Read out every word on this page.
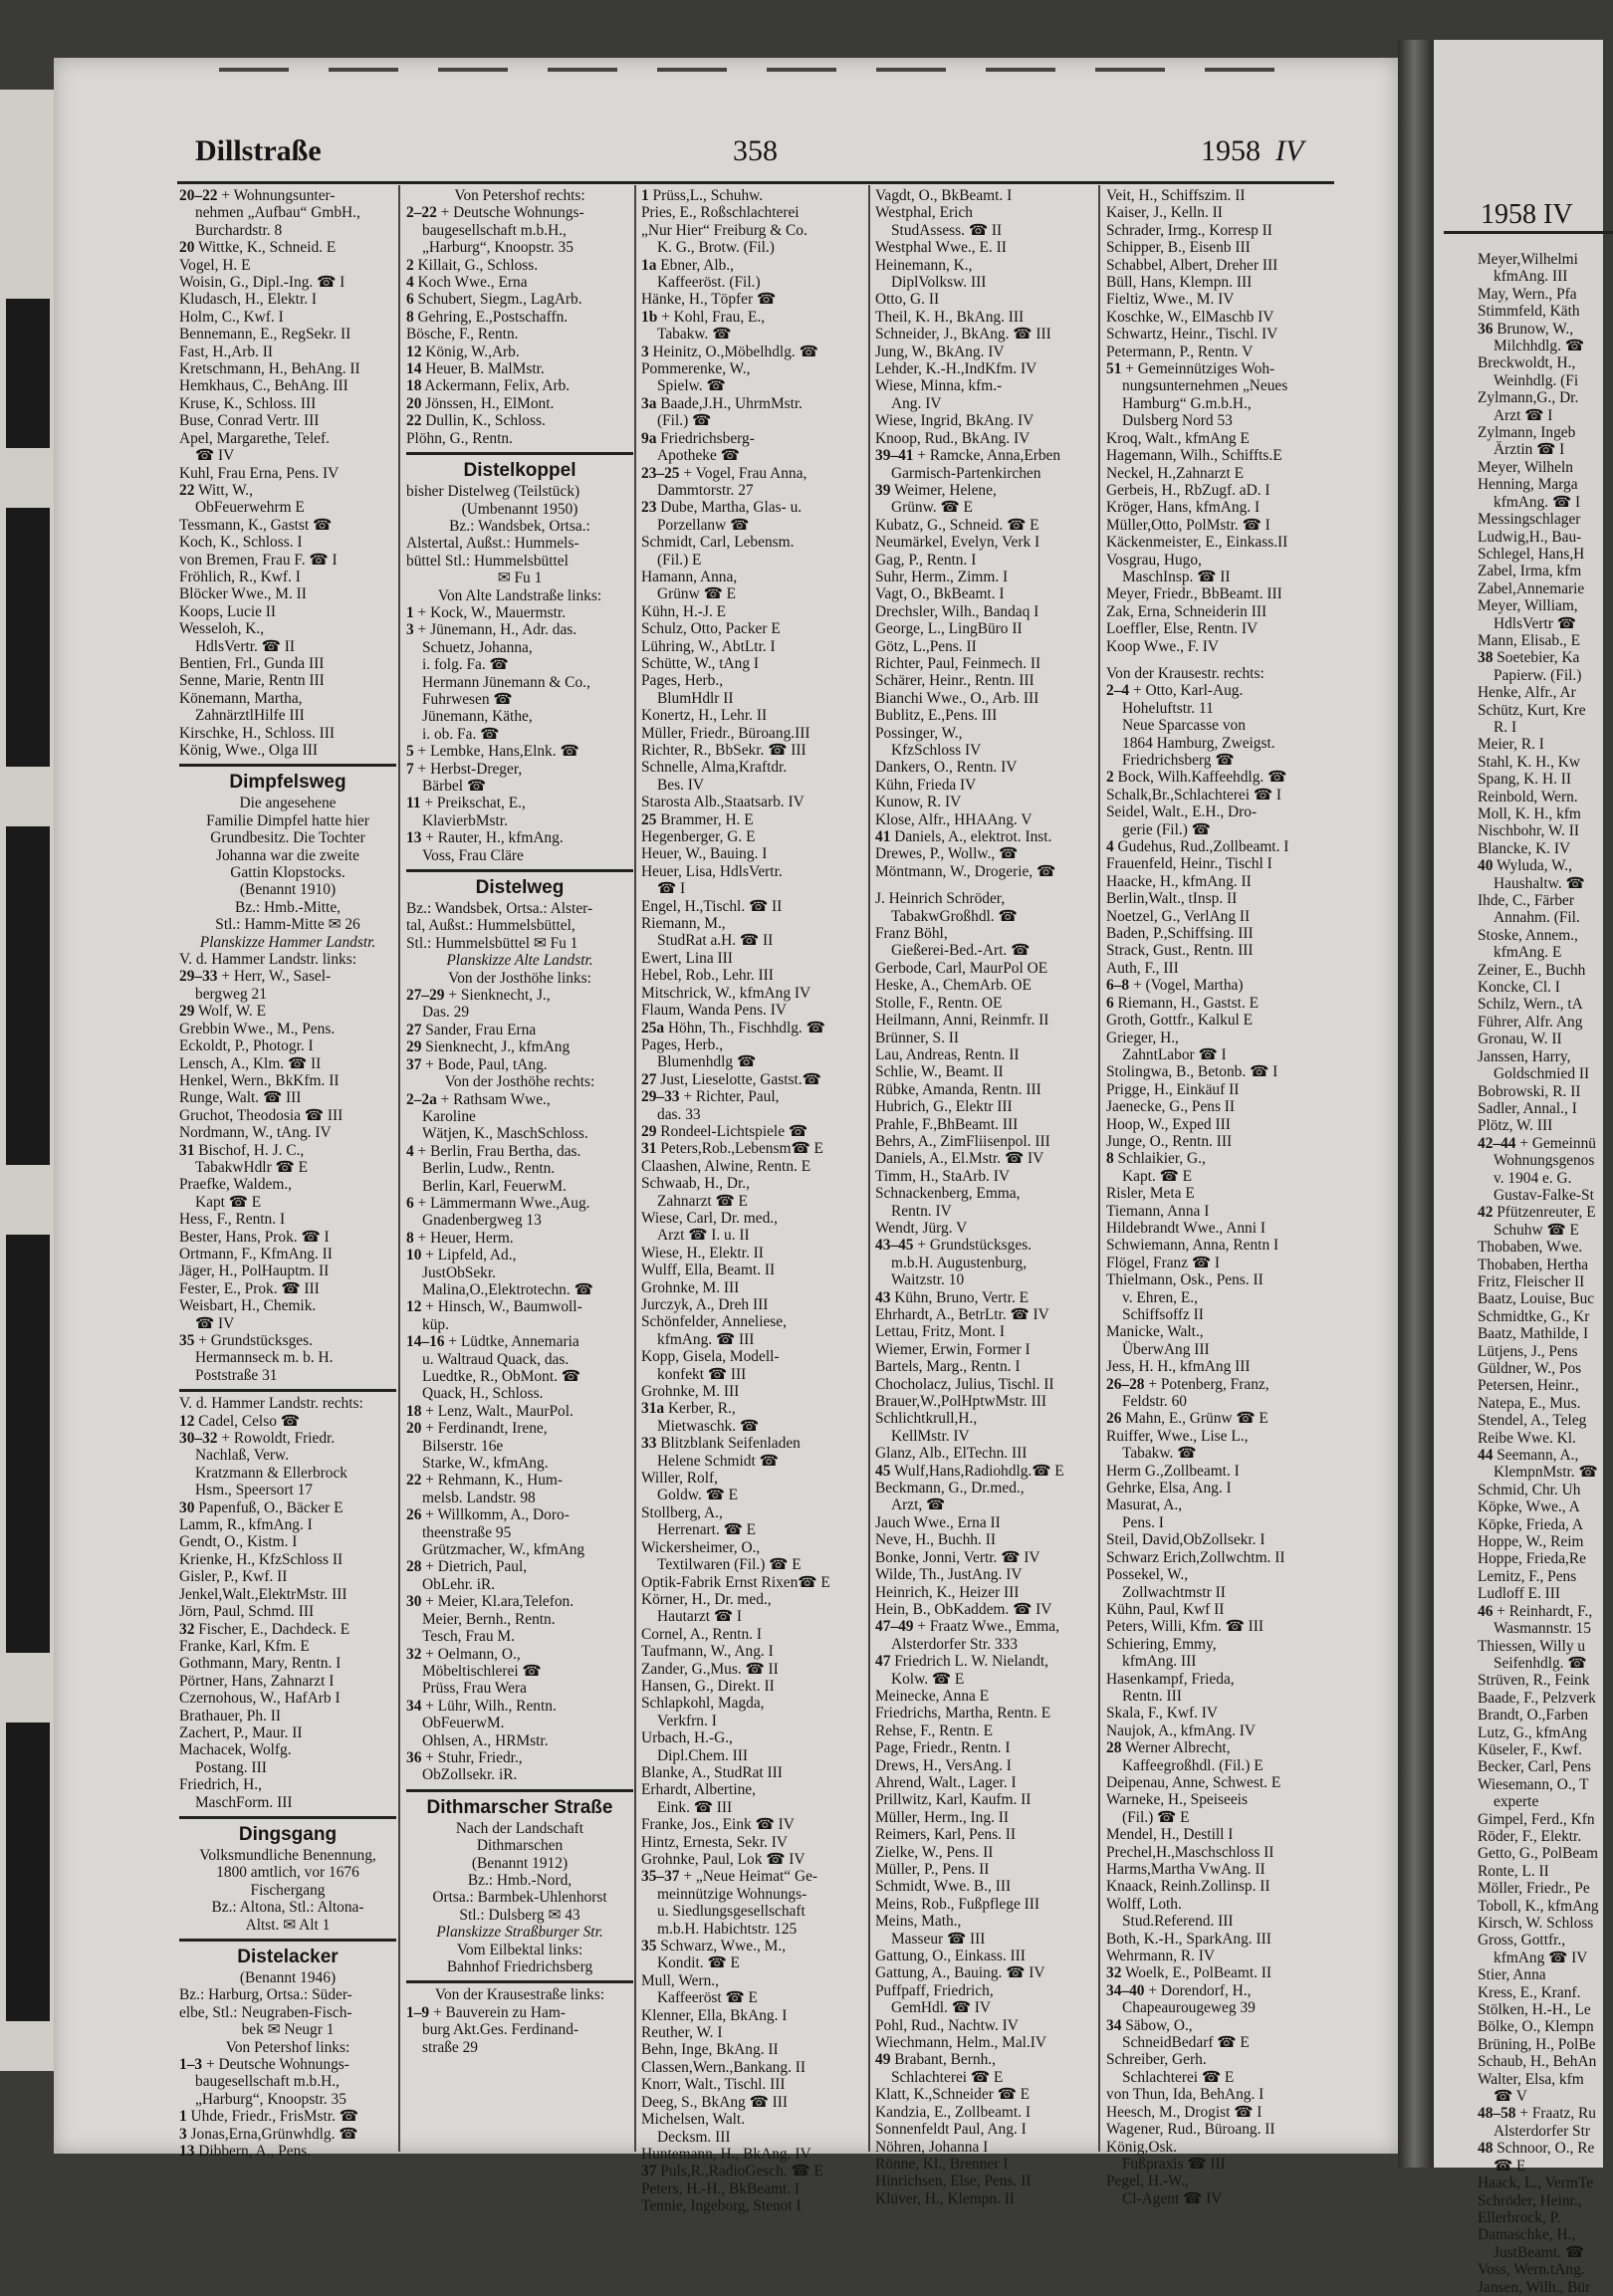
1958 IV
Meyer,Wilhelmi
kfmAng. III
May, Wern., Pfa
Stimmfeld, Käth
36 Brunow, W.,
Milchhdlg. ☎
Breckwoldt, H.,
Weinhdlg. (Fi
Zylmann,G., Dr.
Arzt ☎ I
Zylmann, Ingeb
Ärztin ☎ I
Meyer, Wilheln
Henning, Marga
kfmAng. ☎ I
Messingschlager
Ludwig,H., Bau-
Schlegel, Hans,H
Zabel, Irma, kfm
Zabel,Annemarie
Meyer, William,
HdlsVertr ☎
Mann, Elisab., E
38 Soetebier, Ka
Papierw. (Fil.)
Henke, Alfr., Ar
Schütz, Kurt, Kre
R. I
Meier, R. I
Stahl, K. H., Kw
Spang, K. H. II
Reinbold, Wern.
Moll, K. H., kfm
Nischbohr, W. II
Blancke, K. IV
40 Wyluda, W.,
Haushaltw. ☎
Ihde, C., Färber
Annahm. (Fil.
Stoske, Annem.,
kfmAng. E
Zeiner, E., Buchh
Koncke, Cl. I
Schilz, Wern., tA
Führer, Alfr. Ang
Gronau, W. II
Janssen, Harry,
Goldschmied II
Bobrowski, R. II
Sadler, Annal., I
Plötz, W. III
42–44 + Gemeinnü
Wohnungsgenos
v. 1904 e. G.
Gustav-Falke-St
42 Pfützenreuter, E
Schuhw ☎ E
Thobaben, Wwe.
Thobaben, Hertha
Fritz, Fleischer II
Baatz, Louise, Buc
Schmidtke, G., Kr
Baatz, Mathilde, I
Lütjens, J., Pens
Güldner, W., Pos
Petersen, Heinr.,
Natepa, E., Mus.
Stendel, A., Teleg
Reibe Wwe. Kl.
44 Seemann, A.,
KlempnMstr. ☎
Schmid, Chr. Uh
Köpke, Wwe., A
Köpke, Frieda, A
Hoppe, W., Reim
Hoppe, Frieda,Re
Lemitz, F., Pens
Ludloff E. III
46 + Reinhardt, F.,
Wasmannstr. 15
Thiessen, Willy u
Seifenhdlg. ☎
Strüven, R., Feink
Baade, F., Pelzverk
Brandt, O.,Farben
Lutz, G., kfmAng
Küseler, F., Kwf.
Becker, Carl, Pens
Wiesemann, O., T
experte
Gimpel, Ferd., Kfn
Röder, F., Elektr.
Getto, G., PolBeam
Ronte, L. II
Möller, Friedr., Pe
Toboll, K., kfmAng
Kirsch, W. Schloss
Gross, Gottfr.,
kfmAng ☎ IV
Stier, Anna
Kress, E., Kranf.
Stölken, H.-H., Le
Bölke, O., Klempn
Brüning, H., PolBe
Schaub, H., BehAn
Walter, Elsa, kfm
☎ V
48–58 + Fraatz, Ru
Alsterdorfer Str
48 Schnoor, O., Re
☎ E
Haack, L., VermTe
Schröder, Heinr.,
Ellerbrock, P.
Damaschke, H.,
JustBeamt. ☎
Voss, Wern.tAng.
Jansen, Wilh., Bür
Dillstraße	358	1958 IV
20–22 + Wohnungsunter-
nehmen „Aufbau“ GmbH.,
Burchardstr. 8
20 Wittke, K., Schneid. E
Vogel, H. E
Woisin, G., Dipl.-Ing. ☎ I
Kludasch, H., Elektr. I
Holm, C., Kwf. I
Bennemann, E., RegSekr. II
Fast, H.,Arb. II
Kretschmann, H., BehAng. II
Hemkhaus, C., BehAng. III
Kruse, K., Schloss. III
Buse, Conrad Vertr. III
Apel, Margarethe, Telef.
☎ IV
Kuhl, Frau Erna, Pens. IV
22 Witt, W.,
ObFeuerwehrm E
Tessmann, K., Gastst ☎
Koch, K., Schloss. I
von Bremen, Frau F. ☎ I
Fröhlich, R., Kwf. I
Blöcker Wwe., M. II
Koops, Lucie II
Wesseloh, K.,
HdlsVertr. ☎ II
Bentien, Frl., Gunda III
Senne, Marie, Rentn III
Könemann, Martha,
ZahnärztlHilfe III
Kirschke, H., Schloss. III
König, Wwe., Olga III
Dimpfelsweg
Die angesehene
Familie Dimpfel hatte hier
Grundbesitz. Die Tochter
Johanna war die zweite
Gattin Klopstocks.
(Benannt 1910)
Bz.: Hmb.-Mitte,
Stl.: Hamm-Mitte ✉ 26
Planskizze Hammer Landstr.
V. d. Hammer Landstr. links:
29–33 + Herr, W., Sasel-
bergweg 21
29 Wolf, W. E
Grebbin Wwe., M., Pens.
Eckoldt, P., Photogr. I
Lensch, A., Klm. ☎ II
Henkel, Wern., BkKfm. II
Runge, Walt. ☎ III
Gruchot, Theodosia ☎ III
Nordmann, W., tAng. IV
31 Bischof, H. J. C.,
TabakwHdlr ☎ E
Praefke, Waldem.,
Kapt ☎ E
Hess, F., Rentn. I
Bester, Hans, Prok. ☎ I
Ortmann, F., KfmAng. II
Jäger, H., PolHauptm. II
Fester, E., Prok. ☎ III
Weisbart, H., Chemik.
☎ IV
35 + Grundstücksges.
Hermannseck m. b. H.
Poststraße 31
V. d. Hammer Landstr. rechts:
12 Cadel, Celso ☎
30–32 + Rowoldt, Friedr.
Nachlaß, Verw.
Kratzmann & Ellerbrock
Hsm., Speersort 17
30 Papenfuß, O., Bäcker E
Lamm, R., kfmAng. I
Gendt, O., Kistm. I
Krienke, H., KfzSchloss II
Gisler, P., Kwf. II
Jenkel,Walt.,ElektrMstr. III
Jörn, Paul, Schmd. III
32 Fischer, E., Dachdeck. E
Franke, Karl, Kfm. E
Gothmann, Mary, Rentn. I
Pörtner, Hans, Zahnarzt I
Czernohous, W., HafArb I
Brathauer, Ph. II
Zachert, P., Maur. II
Machacek, Wolfg.
Postang. III
Friedrich, H.,
MaschForm. III
Dingsgang
Volksmundliche Benennung,
1800 amtlich, vor 1676
Fischergang
Bz.: Altona, Stl.: Altona-
Altst. ✉ Alt 1
Distelacker
(Benannt 1946)
Bz.: Harburg, Ortsa.: Süder-
elbe, Stl.: Neugraben-Fisch-
bek ✉ Neugr 1
Von Petershof links:
1–3 + Deutsche Wohnungs-
baugesellschaft m.b.H.,
„Harburg“, Knoopstr. 35
1 Uhde, Friedr., FrisMstr. ☎
3 Jonas,Erna,Grünwhdlg. ☎
13 Dibbern, A., Pens.
Von Petershof rechts:
2–22 + Deutsche Wohnungs-
baugesellschaft m.b.H.,
„Harburg“, Knoopstr. 35
2 Killait, G., Schloss.
4 Koch Wwe., Erna
6 Schubert, Siegm., LagArb.
8 Gehring, E.,Postschaffn.
Bösche, F., Rentn.
12 König, W.,Arb.
14 Heuer, B. MalMstr.
18 Ackermann, Felix, Arb.
20 Jönssen, H., ElMont.
22 Dullin, K., Schloss.
Plöhn, G., Rentn.
Distelkoppel
bisher Distelweg (Teilstück)
(Umbenannt 1950)
Bz.: Wandsbek, Ortsa.:
Alstertal, Außst.: Hummels-
büttel Stl.: Hummelsbüttel
✉ Fu 1
Von Alte Landstraße links:
1 + Kock, W., Mauermstr.
3 + Jünemann, H., Adr. das.
Schuetz, Johanna,
i. folg. Fa. ☎
Hermann Jünemann & Co.,
Fuhrwesen ☎
Jünemann, Käthe,
i. ob. Fa. ☎
5 + Lembke, Hans,Elnk. ☎
7 + Herbst-Dreger,
Bärbel ☎
11 + Preikschat, E.,
KlavierbMstr.
13 + Rauter, H., kfmAng.
Voss, Frau Cläre
Distelweg
Bz.: Wandsbek, Ortsa.: Alster-
tal, Außst.: Hummelsbüttel,
Stl.: Hummelsbüttel ✉ Fu 1
Planskizze Alte Landstr.
Von der Josthöhe links:
27–29 + Sienknecht, J.,
Das. 29
27 Sander, Frau Erna
29 Sienknecht, J., kfmAng
37 + Bode, Paul, tAng.
Von der Josthöhe rechts:
2–2a + Rathsam Wwe.,
Karoline
Wätjen, K., MaschSchloss.
4 + Berlin, Frau Bertha, das.
Berlin, Ludw., Rentn.
Berlin, Karl, FeuerwM.
6 + Lämmermann Wwe.,Aug.
Gnadenbergweg 13
8 + Heuer, Herm.
10 + Lipfeld, Ad.,
JustObSekr.
Malina,O.,Elektrotechn. ☎
12 + Hinsch, W., Baumwoll-
küp.
14–16 + Lüdtke, Annemaria
u. Waltraud Quack, das.
Luedtke, R., ObMont. ☎
Quack, H., Schloss.
18 + Lenz, Walt., MaurPol.
20 + Ferdinandt, Irene,
Bilserstr. 16e
Starke, W., kfmAng.
22 + Rehmann, K., Hum-
melsb. Landstr. 98
26 + Willkomm, A., Doro-
theenstraße 95
Grützmacher, W., kfmAng
28 + Dietrich, Paul,
ObLehr. iR.
30 + Meier, Kl.ara,Telefon.
Meier, Bernh., Rentn.
Tesch, Frau M.
32 + Oelmann, O.,
Möbeltischlerei ☎
Prüss, Frau Wera
34 + Lühr, Wilh., Rentn.
ObFeuerwM.
Ohlsen, A., HRMstr.
36 + Stuhr, Friedr.,
ObZollsekr. iR.
Dithmarscher Straße
Nach der Landschaft
Dithmarschen
(Benannt 1912)
Bz.: Hmb.-Nord,
Ortsa.: Barmbek-Uhlenhorst
Stl.: Dulsberg ✉ 43
Planskizze Straßburger Str.
Vom Eilbektal links:
Bahnhof Friedrichsberg
Von der Krausestraße links:
1–9 + Bauverein zu Ham-
burg Akt.Ges. Ferdinand-
straße 29
1 Prüss,L., Schuhw.
Pries, E., Roßschlachterei
„Nur Hier“ Freiburg & Co.
K. G., Brotw. (Fil.)
1a Ebner, Alb.,
Kaffeeröst. (Fil.)
Hänke, H., Töpfer ☎
1b + Kohl, Frau, E.,
Tabakw. ☎
3 Heinitz, O.,Möbelhdlg. ☎
Pommerenke, W.,
Spielw. ☎
3a Baade,J.H., UhrmMstr.
(Fil.) ☎
9a Friedrichsberg-
Apotheke ☎
23–25 + Vogel, Frau Anna,
Dammtorstr. 27
23 Dube, Martha, Glas- u.
Porzellanw ☎
Schmidt, Carl, Lebensm.
(Fil.) E
Hamann, Anna,
Grünw ☎ E
Kühn, H.-J. E
Schulz, Otto, Packer E
Lühring, W., AbtLtr. I
Schütte, W., tAng I
Pages, Herb.,
BlumHdlr II
Konertz, H., Lehr. II
Müller, Friedr., Büroang.III
Richter, R., BbSekr. ☎ III
Schnelle, Alma,Kraftdr.
Bes. IV
Starosta Alb.,Staatsarb. IV
25 Brammer, H. E
Hegenberger, G. E
Heuer, W., Bauing. I
Heuer, Lisa, HdlsVertr.
☎ I
Engel, H.,Tischl. ☎ II
Riemann, M.,
StudRat a.H. ☎ II
Ewert, Lina III
Hebel, Rob., Lehr. III
Mitschrick, W., kfmAng IV
Flaum, Wanda Pens. IV
25a Höhn, Th., Fischhdlg. ☎
Pages, Herb.,
Blumenhdlg ☎
27 Just, Lieselotte, Gastst.☎
29–33 + Richter, Paul,
das. 33
29 Rondeel-Lichtspiele ☎
31 Peters,Rob.,Lebensm☎ E
Claashen, Alwine, Rentn. E
Schwaab, H., Dr.,
Zahnarzt ☎ E
Wiese, Carl, Dr. med.,
Arzt ☎ I. u. II
Wiese, H., Elektr. II
Wulff, Ella, Beamt. II
Grohnke, M. III
Jurczyk, A., Dreh III
Schönfelder, Anneliese,
kfmAng. ☎ III
Kopp, Gisela, Modell-
konfekt ☎ III
Grohnke, M. III
31a Kerber, R.,
Mietwaschk. ☎
33 Blitzblank Seifenladen
Helene Schmidt ☎
Willer, Rolf,
Goldw. ☎ E
Stollberg, A.,
Herrenart. ☎ E
Wickersheimer, O.,
Textilwaren (Fil.) ☎ E
Optik-Fabrik Ernst Rixen☎ E
Körner, H., Dr. med.,
Hautarzt ☎ I
Cornel, A., Rentn. I
Taufmann, W., Ang. I
Zander, G.,Mus. ☎ II
Hansen, G., Direkt. II
Schlapkohl, Magda,
Verkfrn. I
Urbach, H.-G.,
Dipl.Chem. III
Blanke, A., StudRat III
Erhardt, Albertine,
Eink. ☎ III
Franke, Jos., Eink ☎ IV
Hintz, Ernesta, Sekr. IV
Grohnke, Paul, Lok ☎ IV
35–37 + „Neue Heimat“ Ge-
meinnützige Wohnungs-
u. Siedlungsgesellschaft
m.b.H. Habichtstr. 125
35 Schwarz, Wwe., M.,
Kondit. ☎ E
Mull, Wern.,
Kaffeeröst ☎ E
Klenner, Ella, BkAng. I
Reuther, W. I
Behn, Inge, BkAng. II
Classen,Wern.,Bankang. II
Knorr, Walt., Tischl. III
Deeg, S., BkAng ☎ III
Michelsen, Walt.
Decksm. III
Huntemann, H., BkAng. IV
37 Puls,R.,RadioGesch. ☎ E
Peters, H.-H., BkBeamt. I
Tennie, Ingeborg, Stenot I
Vagdt, O., BkBeamt. I
Westphal, Erich
StudAssess. ☎ II
Westphal Wwe., E. II
Heinemann, K.,
DiplVolksw. III
Otto, G. II
Theil, K. H., BkAng. III
Schneider, J., BkAng. ☎ III
Jung, W., BkAng. IV
Lehder, K.-H.,IndKfm. IV
Wiese, Minna, kfm.-
Ang. IV
Wiese, Ingrid, BkAng. IV
Knoop, Rud., BkAng. IV
39–41 + Ramcke, Anna,Erben
Garmisch-Partenkirchen
39 Weimer, Helene,
Grünw. ☎ E
Kubatz, G., Schneid. ☎ E
Neumärkel, Evelyn, Verk I
Gag, P., Rentn. I
Suhr, Herm., Zimm. I
Vagt, O., BkBeamt. I
Drechsler, Wilh., Bandaq I
George, L., LingBüro II
Götz, L.,Pens. II
Richter, Paul, Feinmech. II
Schärer, Heinr., Rentn. III
Bianchi Wwe., O., Arb. III
Bublitz, E.,Pens. III
Possinger, W.,
KfzSchloss IV
Dankers, O., Rentn. IV
Kühn, Frieda IV
Kunow, R. IV
Klose, Alfr., HHAAng. V
41 Daniels, A., elektrot. Inst.
Drewes, P., Wollw., ☎
Möntmann, W., Drogerie, ☎
J. Heinrich Schröder,
TabakwGroßhdl. ☎
Franz Böhl,
Gießerei-Bed.-Art. ☎
Gerbode, Carl, MaurPol OE
Heske, A., ChemArb. OE
Stolle, F., Rentn. OE
Heilmann, Anni, Reinmfr. II
Brünner, S. II
Lau, Andreas, Rentn. II
Schlie, W., Beamt. II
Rübke, Amanda, Rentn. III
Hubrich, G., Elektr III
Prahle, F.,BhBeamt. III
Behrs, A., ZimFliisenpol. III
Daniels, A., El.Mstr. ☎ IV
Timm, H., StaArb. IV
Schnackenberg, Emma,
Rentn. IV
Wendt, Jürg. V
43–45 + Grundstücksges.
m.b.H. Augustenburg,
Waitzstr. 10
43 Kühn, Bruno, Vertr. E
Ehrhardt, A., BetrLtr. ☎ IV
Lettau, Fritz, Mont. I
Wiemer, Erwin, Former I
Bartels, Marg., Rentn. I
Chocholacz, Julius, Tischl. II
Brauer,W.,PolHptwMstr. III
Schlichtkrull,H.,
KellMstr. IV
Glanz, Alb., ElTechn. III
45 Wulf,Hans,Radiohdlg.☎ E
Beckmann, G., Dr.med.,
Arzt, ☎
Jauch Wwe., Erna II
Neve, H., Buchh. II
Bonke, Jonni, Vertr. ☎ IV
Wilde, Th., JustAng. IV
Heinrich, K., Heizer III
Hein, B., ObKaddem. ☎ IV
47–49 + Fraatz Wwe., Emma,
Alsterdorfer Str. 333
47 Friedrich L. W. Nielandt,
Kolw. ☎ E
Meinecke, Anna E
Friedrichs, Martha, Rentn. E
Rehse, F., Rentn. E
Page, Friedr., Rentn. I
Drews, H., VersAng. I
Ahrend, Walt., Lager. I
Prillwitz, Karl, Kaufm. II
Müller, Herm., Ing. II
Reimers, Karl, Pens. II
Zielke, W., Pens. II
Müller, P., Pens. II
Schmidt, Wwe. B., III
Meins, Rob., Fußpflege III
Meins, Math.,
Masseur ☎ III
Gattung, O., Einkass. III
Gattung, A., Bauing. ☎ IV
Puffpaff, Friedrich,
GemHdl. ☎ IV
Pohl, Rud., Nachtw. IV
Wiechmann, Helm., Mal.IV
49 Brabant, Bernh.,
Schlachterei ☎ E
Klatt, K.,Schneider ☎ E
Kandzia, E., Zollbeamt. I
Sonnenfeldt Paul, Ang. I
Nöhren, Johanna I
Rönne, Kl., Brenner I
Hinrichsen, Else, Pens. II
Klüver, H., Klempn. II
Veit, H., Schiffszim. II
Kaiser, J., Kelln. II
Schrader, Irmg., Korresp II
Schipper, B., Eisenb III
Schabbel, Albert, Dreher III
Büll, Hans, Klempn. III
Fieltiz, Wwe., M. IV
Koschke, W., ElMaschb IV
Schwartz, Heinr., Tischl. IV
Petermann, P., Rentn. V
51 + Gemeinnütziges Woh-
nungsunternehmen „Neues
Hamburg“ G.m.b.H.,
Dulsberg Nord 53
Kroq, Walt., kfmAng E
Hagemann, Wilh., Schiffts.E
Neckel, H.,Zahnarzt E
Gerbeis, H., RbZugf. aD. I
Kröger, Hans, kfmAng. I
Müller,Otto, PolMstr. ☎ I
Käckenmeister, E., Einkass.II
Vosgrau, Hugo,
MaschInsp. ☎ II
Meyer, Friedr., BbBeamt. III
Zak, Erna, Schneiderin III
Loeffler, Else, Rentn. IV
Koop Wwe., F. IV
Von der Krausestr. rechts:
2–4 + Otto, Karl-Aug.
Hoheluftstr. 11
Neue Sparcasse von
1864 Hamburg, Zweigst.
Friedrichsberg ☎
2 Bock, Wilh.Kaffeehdlg. ☎
Schalk,Br.,Schlachterei ☎ I
Seidel, Walt., E.H., Dro-
gerie (Fil.) ☎
4 Gudehus, Rud.,Zollbeamt. I
Frauenfeld, Heinr., Tischl I
Haacke, H., kfmAng. II
Berlin,Walt., tInsp. II
Noetzel, G., VerlAng II
Baden, P.,Schiffsing. III
Strack, Gust., Rentn. III
Auth, F., III
6–8 + (Vogel, Martha)
6 Riemann, H., Gastst. E
Groth, Gottfr., Kalkul E
Grieger, H.,
ZahntLabor ☎ I
Stolingwa, B., Betonb. ☎ I
Prigge, H., Einkäuf II
Jaenecke, G., Pens II
Hoop, W., Exped III
Junge, O., Rentn. III
8 Schlaikier, G.,
Kapt. ☎ E
Risler, Meta E
Tiemann, Anna I
Hildebrandt Wwe., Anni I
Schwiemann, Anna, Rentn I
Flögel, Franz ☎ I
Thielmann, Osk., Pens. II
v. Ehren, E.,
Schiffsoffz II
Manicke, Walt.,
ÜberwAng III
Jess, H. H., kfmAng III
26–28 + Potenberg, Franz,
Feldstr. 60
26 Mahn, E., Grünw ☎ E
Ruiffer, Wwe., Lise L.,
Tabakw. ☎
Herm G.,Zollbeamt. I
Gehrke, Elsa, Ang. I
Masurat, A.,
Pens. I
Steil, David,ObZollsekr. I
Schwarz Erich,Zollwchtm. II
Possekel, W.,
Zollwachtmstr II
Kühn, Paul, Kwf II
Peters, Willi, Kfm. ☎ III
Schiering, Emmy,
kfmAng. III
Hasenkampf, Frieda,
Rentn. III
Skala, F., Kwf. IV
Naujok, A., kfmAng. IV
28 Werner Albrecht,
Kaffeegroßhdl. (Fil.) E
Deipenau, Anne, Schwest. E
Warneke, H., Speiseeis
(Fil.) ☎ E
Mendel, H., Destill I
Prechel,H.,Maschschloss II
Harms,Martha VwAng. II
Knaack, Reinh.Zollinsp. II
Wolff, Loth.
Stud.Referend. III
Both, K.-H., SparkAng. III
Wehrmann, R. IV
32 Woelk, E., PolBeamt. II
34–40 + Dorendorf, H.,
Chapeaurougeweg 39
34 Säbow, O.,
SchneidBedarf ☎ E
Schreiber, Gerh.
Schlachterei ☎ E
von Thun, Ida, BehAng. I
Heesch, M., Drogist ☎ I
Wagener, Rud., Büroang. II
König,Osk.
Fußpraxis ☎ III
Pegel, H.-W.,
Cl-Agent ☎ IV
